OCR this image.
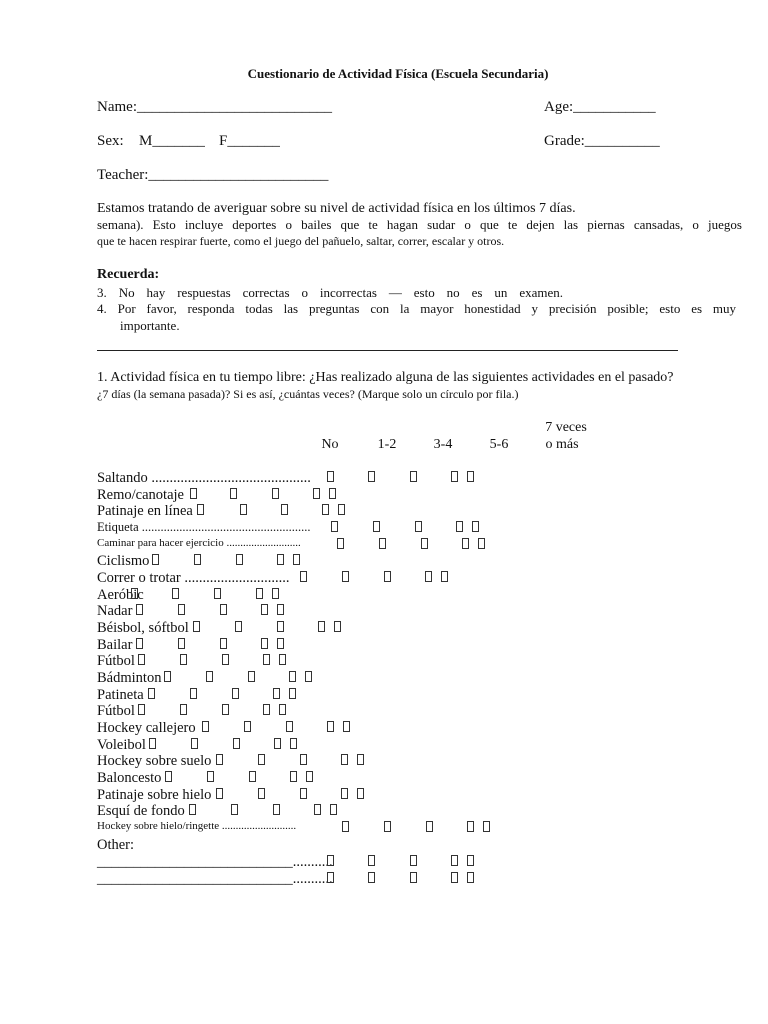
Cuestionario de Actividad Física (Escuela Secundaria)
Name:__________________________	Age:___________
Sex: M_______ F_______	Grade:__________
Teacher:________________________
Estamos tratando de averiguar sobre su nivel de actividad física en los últimos 7 días.
semana). Esto incluye deportes o bailes que te hagan sudar o que te dejen las piernas cansadas, o juegos
que te hacen respirar fuerte, como el juego del pañuelo, saltar, correr, escalar y otros.
Recuerda:
3. No hay respuestas correctas o incorrectas — esto no es un examen.
4. Por favor, responda todas las preguntas con la mayor honestidad y precisión posible; esto es muy
importante.
1. Actividad física en tu tiempo libre: ¿Has realizado alguna de las siguientes actividades en el pasado?
¿7 días (la semana pasada)? Si es así, ¿cuántas veces? (Marque solo un círculo por fila.)
7 veces
No	1-2	3-4	5-6	o más
Saltando ............................................
Remo/canotaje
Patinaje en línea
Etiqueta ......................................................
Caminar para hacer ejercicio ...........................
Ciclismo
Correr o trotar .............................
Aeróbic
Nadar
Béisbol, sóftbol
Bailar
Fútbol
Bádminton
Patineta
Fútbol
Hockey callejero
Voleibol
Hockey sobre suelo
Baloncesto
Patinaje sobre hielo
Esquí de fondo
Hockey sobre hielo/ringette ...........................
Other:
___________________________...........
___________________________...........
